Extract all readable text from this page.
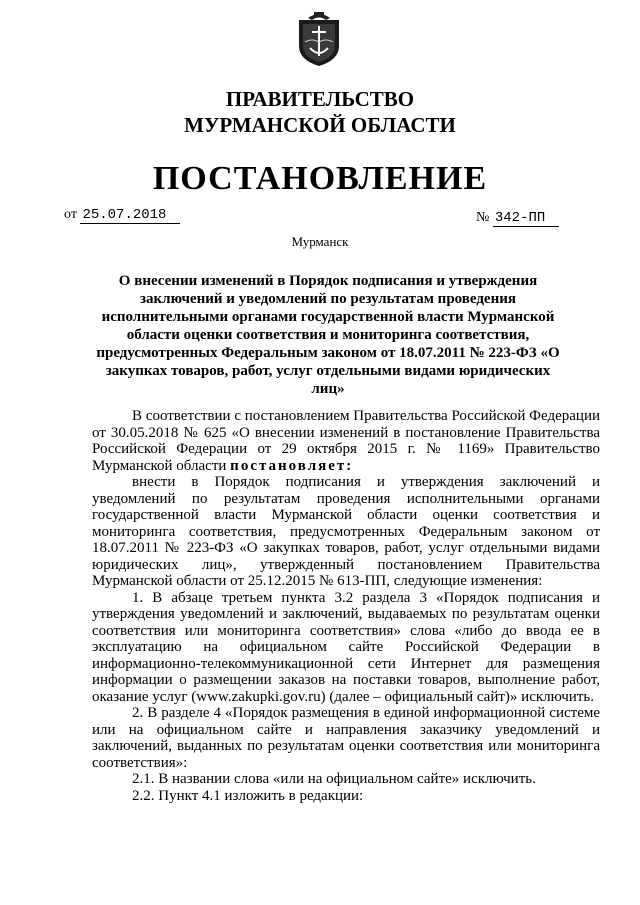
ПРАВИТЕЛЬСТВО
МУРМАНСКОЙ ОБЛАСТИ
ПОСТАНОВЛЕНИЕ
от 25.07.2018	№ 342-ПП
Мурманск
О внесении изменений в Порядок подписания и утверждения заключений и уведомлений по результатам проведения исполнительными органами государственной власти Мурманской области оценки соответствия и мониторинга соответствия, предусмотренных Федеральным законом от 18.07.2011 № 223-ФЗ «О закупках товаров, работ, услуг отдельными видами юридических лиц»

В соответствии с постановлением Правительства Российской Федерации от 30.05.2018 № 625 «О внесении изменений в постановление Правительства Российской Федерации от 29 октября 2015 г. № 1169» Правительство Мурманской области постановляет:

внести в Порядок подписания и утверждения заключений и уведомлений по результатам проведения исполнительными органами государственной власти Мурманской области оценки соответствия и мониторинга соответствия, предусмотренных Федеральным законом от 18.07.2011 № 223-ФЗ «О закупках товаров, работ, услуг отдельными видами юридических лиц», утвержденный постановлением Правительства Мурманской области от 25.12.2015 № 613-ПП, следующие изменения:

1. В абзаце третьем пункта 3.2 раздела 3 «Порядок подписания и утверждения уведомлений и заключений, выдаваемых по результатам оценки соответствия или мониторинга соответствия» слова «либо до ввода ее в эксплуатацию на официальном сайте Российской Федерации в информационно-телекоммуникационной сети Интернет для размещения информации о размещении заказов на поставки товаров, выполнение работ, оказание услуг (www.zakupki.gov.ru) (далее – официальный сайт)» исключить.

2. В разделе 4 «Порядок размещения в единой информационной системе или на официальном сайте и направления заказчику уведомлений и заключений, выданных по результатам оценки соответствия или мониторинга соответствия»:

2.1. В названии слова «или на официальном сайте» исключить.

2.2. Пункт 4.1 изложить в редакции:
